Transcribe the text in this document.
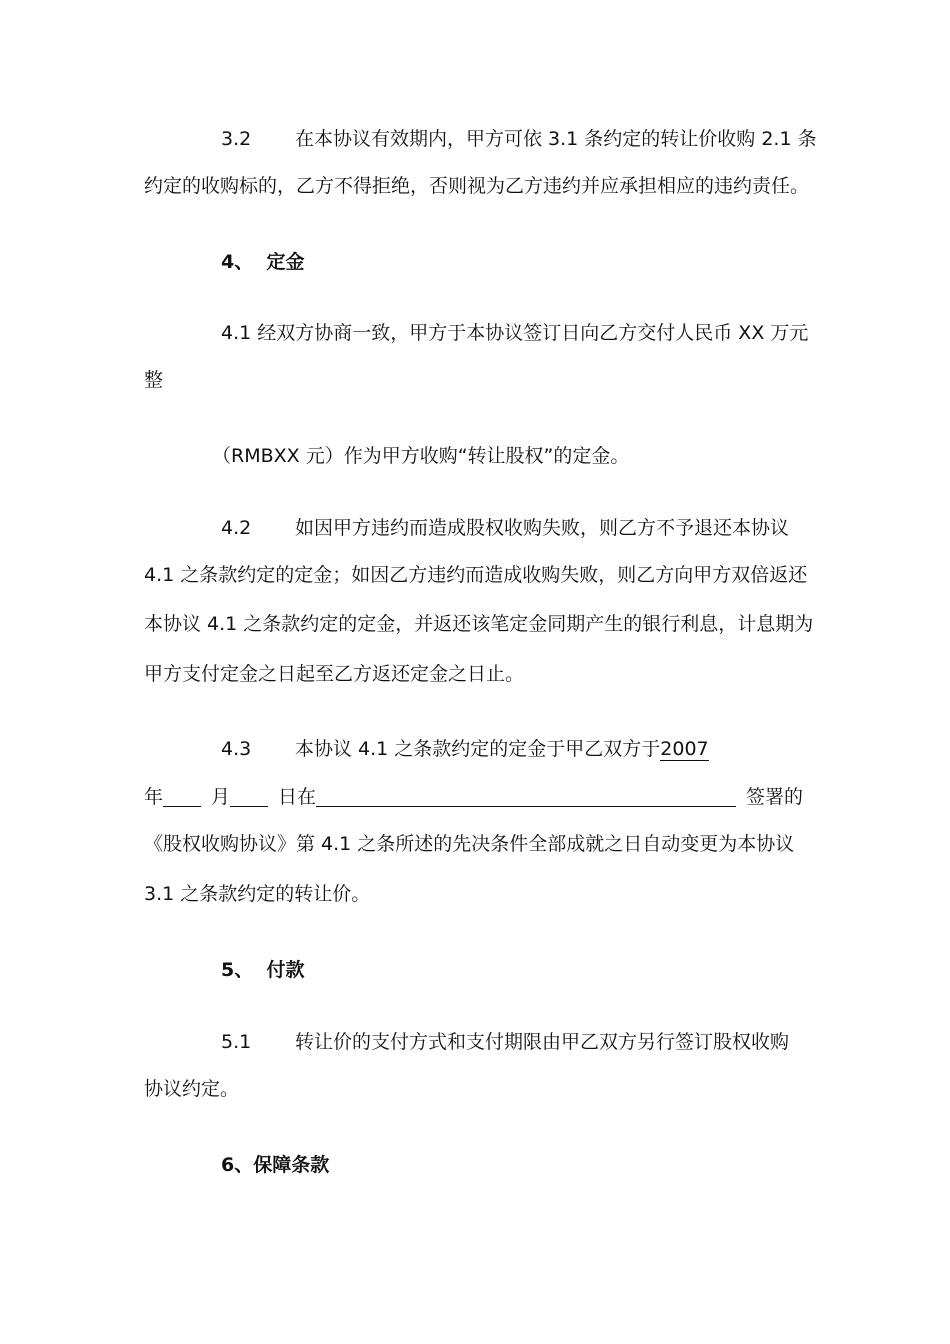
3.2 在本协议有效期内，甲方可依 3.1 条约定的转让价收购 2.1 条
约定的收购标的，乙方不得拒绝，否则视为乙方违约并应承担相应的违约责任。
4、 定金
4.1 经双方协商一致，甲方于本协议签订日向乙方交付人民币 XX 万元
整
（RMBXX 元）作为甲方收购“转让股权”的定金。
4.2 如因甲方违约而造成股权收购失败，则乙方不予退还本协议
4.1 之条款约定的定金；如因乙方违约而造成收购失败，则乙方向甲方双倍返还
本协议 4.1 之条款约定的定金，并返还该笔定金同期产生的银行利息，计息期为
甲方支付定金之日起至乙方返还定金之日止。
4.3 本协议 4.1 之条款约定的定金于甲乙双方于2007
年	月	日在	签署的
《股权收购协议》第 4.1 之条所述的先决条件全部成就之日自动变更为本协议
3.1 之条款约定的转让价。
5、 付款
5.1 转让价的支付方式和支付期限由甲乙双方另行签订股权收购
协议约定。
6、保障条款
